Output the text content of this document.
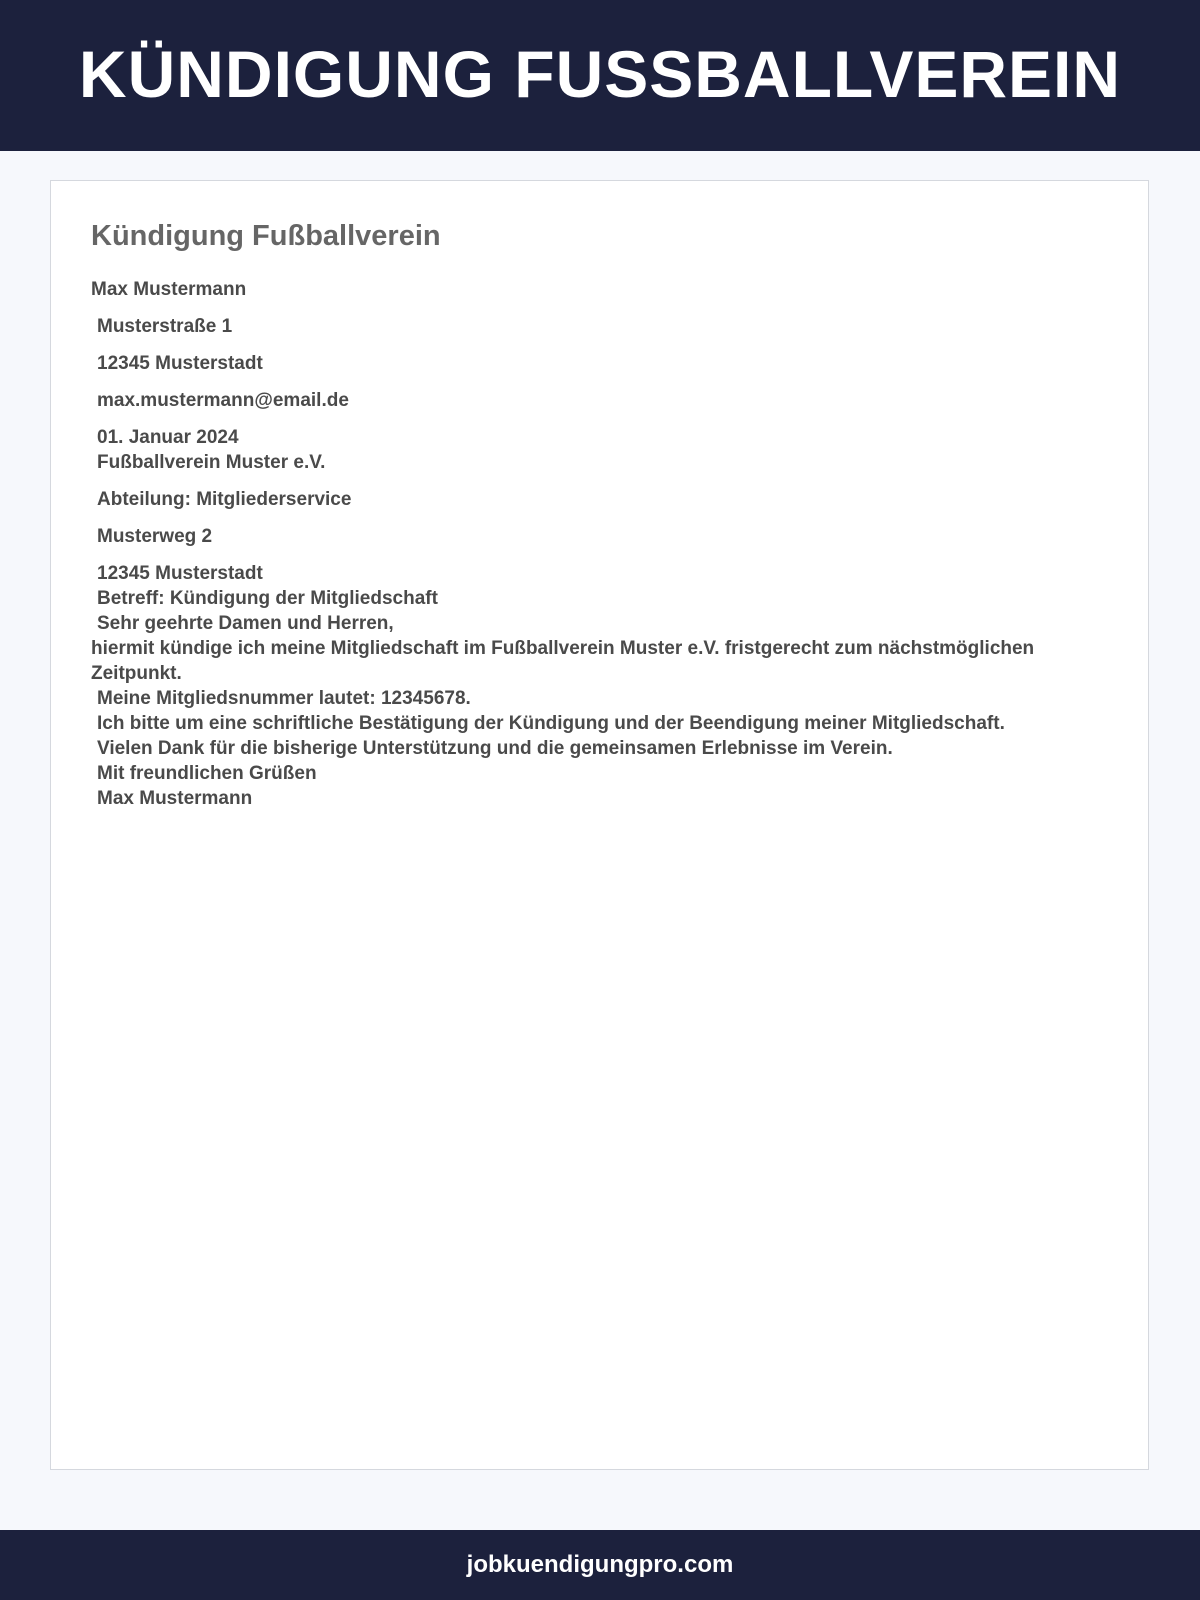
KÜNDIGUNG FUSSBALLVEREIN
Kündigung Fußballverein
Max Mustermann
Musterstraße 1
12345 Musterstadt
max.mustermann@email.de
01. Januar 2024
Fußballverein Muster e.V.
Abteilung: Mitgliederservice
Musterweg 2
12345 Musterstadt
Betreff: Kündigung der Mitgliedschaft
Sehr geehrte Damen und Herren,
hiermit kündige ich meine Mitgliedschaft im Fußballverein Muster e.V. fristgerecht zum nächstmöglichen Zeitpunkt.
Meine Mitgliedsnummer lautet: 12345678.
Ich bitte um eine schriftliche Bestätigung der Kündigung und der Beendigung meiner Mitgliedschaft.
Vielen Dank für die bisherige Unterstützung und die gemeinsamen Erlebnisse im Verein.
Mit freundlichen Grüßen
Max Mustermann
jobkuendigungpro.com
